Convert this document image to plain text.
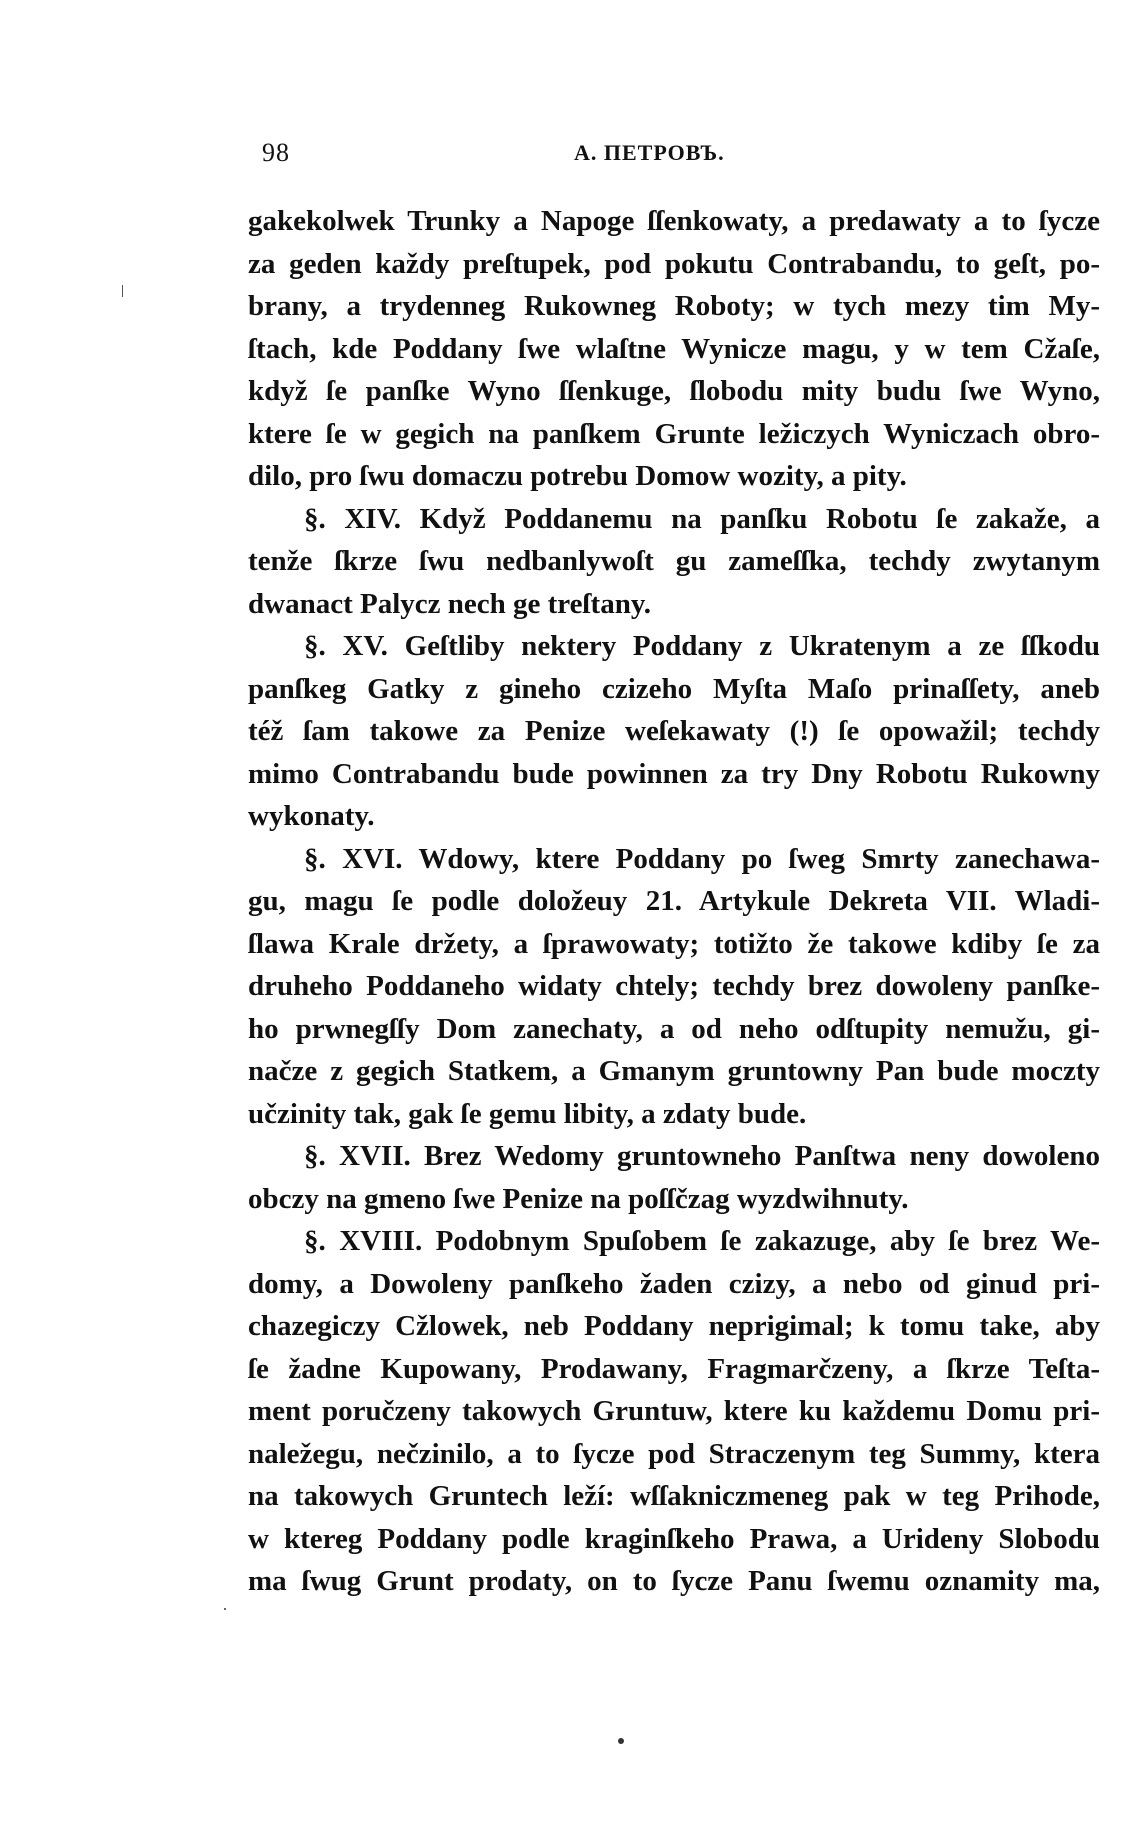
98	A. ПЕТРОВЪ.
gakekolwek Trunky a Napoge ſſenkowaty, a predawaty a to ſycze
za geden každy preſtupek, pod pokutu Contrabandu, to geſt, po-
brany, a trydenneg Rukowneg Roboty; w tych mezy tim My-
ſtach, kde Poddany ſwe wlaſtne Wynicze magu, y w tem Cžaſe,
když ſe panſke Wyno ſſenkuge, ſlobodu mity budu ſwe Wyno,
ktere ſe w gegich na panſkem Grunte ležiczych Wyniczach obro-
dilo, pro ſwu domaczu potrebu Domow wozity, a pity.
§. XIV. Když Poddanemu na panſku Robotu ſe zakaže, a
tenže ſkrze ſwu nedbanlywoſt gu zameſſka, techdy zwytanym
dwanact Palycz nech ge treſtany.
§. XV. Geſtliby nektery Poddany z Ukratenym a ze ſſkodu
panſkeg Gatky z gineho czizeho Myſta Maſo prinaſſety, aneb
též ſam takowe za Penize weſekawaty (!) ſe opowažil; techdy
mimo Contrabandu bude powinnen za try Dny Robotu Rukowny
wykonaty.
§. XVI. Wdowy, ktere Poddany po ſweg Smrty zanechawa-
gu, magu ſe podle doložeuy 21. Artykule Dekreta VII. Wladi-
ſlawa Krale držety, a ſprawowaty; totižto že takowe kdiby ſe za
druheho Poddaneho widaty chtely; techdy brez dowoleny panſke-
ho prwnegſſy Dom zanechaty, a od neho odſtupity nemužu, gi-
načze z gegich Statkem, a Gmanym gruntowny Pan bude moczty
učzinity tak, gak ſe gemu libity, a zdaty bude.
§. XVII. Brez Wedomy gruntowneho Panſtwa neny dowoleno
obczy na gmeno ſwe Penize na poſſčzag wyzdwihnuty.
§. XVIII. Podobnym Spuſobem ſe zakazuge, aby ſe brez We-
domy, a Dowoleny panſkeho žaden czizy, a nebo od ginud pri-
chazegiczy Cžlowek, neb Poddany neprigimal; k tomu take, aby
ſe žadne Kupowany, Prodawany, Fragmarčzeny, a ſkrze Teſta-
ment poručzeny takowych Gruntuw, ktere ku každemu Domu pri-
naležegu, nečzinilo, a to ſycze pod Straczenym teg Summy, ktera
na takowych Gruntech leží: wſſakniczmeneg pak w teg Prihode,
w ktereg Poddany podle kraginſkeho Prawa, a Urideny Slobodu
ma ſwug Grunt prodaty, on to ſycze Panu ſwemu oznamity ma,
